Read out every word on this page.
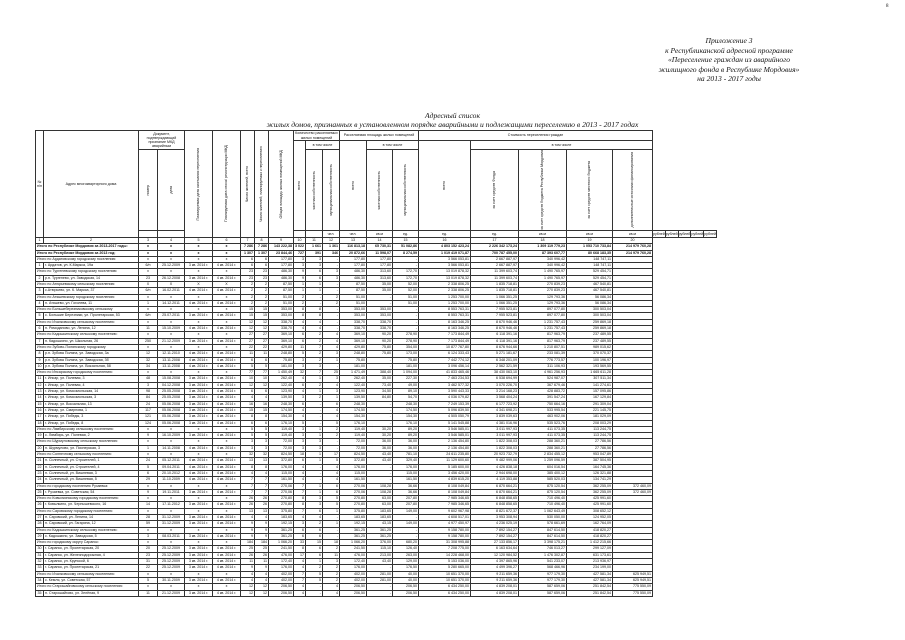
8
Приложение 3
к Республиканской адресной программе
«Переселение граждан из аварийного
жилищного фонда в Республике Мордовия»
на 2013 - 2017 годы
Адресный список
жилых домов, признанных в установленном порядке аварийными и подлежащими переселению в 2013 - 2017 годах
№ п/п	Адрес многоквартирного дома	Документ, подтверждающий признание МКД аварийным		Планируемая дата окончания переселения	Планируемая дата сноса/ реконструкции МКД	Число жителей, всего	Число жителей, планируемых к переселению	Общая площадь жилых помещений МКД	Количество расселяемых жилых помещений			Расселяемая площадь жилых помещений			Стоимость переселения граждан									

									всего	в том числе		всего	в том числе		всего	в том числе								

		номер	дата							частная собственность	муниципальная собственность		частная собственность	муниципальная собственность		за счет средств Фонда	за счет средств бюджета Республики Мордовия	за счет средств местного бюджета	дополнительные источники финансирования					

											чел.	чел.	кв.м	ед.	ед.	ед.	кв.м	кв.м	кв.м	рублей	рублей	рублей	рублей	рублей
1	2	3	4	5	6	7	8	9	10	11	12	13	14	15	16	17	18	19	20					
Итого по Республике Мордовия за 2013-2017 годы:		x	x	x	x	7 286	7 286	143 222,38	3 022	1 661	1 361	116 813,18	65 730,31	51 082,86	4 803 152 423,24	2 226 342 173,24	1 309 119 779,23	1 053 710 733,84	214 979 760,28					
Итого по Республике Мордовия за 2013 год:		x	x	x	x	1 307	1 307	23 844,46	727	391	346	20 872,66	11 598,07	8 274,59	1 019 419 071,87	700 787 455,00	87 393 607,77	80 668 183,35	214 979 760,28					
Итого по Ардатовскому городскому поселению:		x	x	x	x	6	6	177,80	3	3	-	177,80	177,80	-	3 566 053,81	2 667 887,97	340 996,42	148 747,11						
1	г. Ардатов, ул. К.Маркса, 19а	6/н	25.12.2009	3 кв. 2014 г.	4 кв. 2014 г.	6	6	177,80	3	3	-	177,80	177,80	-	3 566 053,81	2 667 887,97	340 996,42	148 747,11						
Итого по Тургеневскому городскому поселению:		x	x	x	x	23	23	486,30	9	6	3	486,30	313,60	172,70	13 019 878,32	11 399 603,74	1 490 765,97	529 454,71						
2	р.п. Тургенево, ул. Заводская, 14	23	26.12.2008	3 кв. 2014 г.	4 кв. 2014 г.	23	23	486,30	9	6	3	486,30	313,60	172,70	13 019 878,32	11 399 603,74	1 490 765,97	529 454,71						
Итого по Атюрьевскому сельскому поселению:		X	X	X	X	2	2	87,50	1	1	-	87,50	35,00	52,00	2 338 806,25	1 835 718,81	270 839,23	467 540,81						
3	с.Атюрьево, ул. К. Маркса, 37	6/н	16.02.2011	4 кв. 2014 г.	4 кв. 2014 г.	2	2	87,50	1	1	-	87,50	35,00	52,00	2 338 806,25	1 835 718,81	270 839,23	467 540,81						
Итого по Атяшевскому городскому поселению:		x	x	x	x	2	2	51,00	2	-	2	51,00	-	51,00	1 253 700,00	1 066 351,25	129 793,36	56 086,34						
4	п. Атяшево, ул. Гоголева, 11	1	14.12.2011	4 кв. 2014 г.	4 кв. 2014 г.	2	2	51,00	2	-	2	51,00	-	51,00	1 253 700,00	1 066 351,25	129 793,36	56 086,34						
Итого по Большеберезниковскому сельскому		x	x	x	x	15	15	353,00	8	8	-	353,00	353,00	-	8 553 763,31	7 955 523,81	897 077,80	300 503,04						
5	с. Большие Березники, ул. Пролетарская, 53	6/н	25.07.2011	3 кв. 2014 г.	4 кв. 2014 г.	15	15	353,00	8	8	-	353,00	353,00	-	8 553 763,31	7 955 523,81	897 077,80	300 503,04						
Итого по Ичалковскому сельскому поселению:		x	x	x	x	12	12	338,70	4	4	-	338,70	338,70	-	8 163 346,25	8 670 946,46	1 231 757,43	259 869,18						
6	п. Ромоданово, ул. Ленина, 12	11	15.10.2009	4 кв. 2014 г.	4 кв. 2014 г.	12	12	338,70	4	4	-	338,70	338,70	-	8 163 346,25	8 670 946,46	1 231 757,43	259 869,18						
Итого по Кадошкинскому сельскому поселению:		x	x	x	x	27	27	369,10	6	2	4	369,10	90,20	278,90	7 173 844,49	6 118 391,16	817 963,79	237 489,55						
7	п. Кадошкино, ул. Школьная, 26	250	21.12.2009	3 кв. 2014 г.	4 кв. 2014 г.	27	27	369,10	6	2	4	369,10	90,20	278,90	7 173 844,49	6 118 391,16	817 963,79	237 489,55						
Итого по Зубово-Полянскому городскому		x	x	x	x	22	22	429,80	11	7	4	429,80	75,80	354,00	10 877 767,80	8 676 944,66	1 210 807,51	989 015,62						
8	р.п. Зубова Поляна, ул. Заводская, 3а	12	12.11.2010	4 кв. 2014 г.	4 кв. 2014 г.	11	11	248,80	5	2	3	248,80	75,80	173,00	6 124 333,43	5 271 181,67	233 081,39	370 070,37						
9	р.п. Зубова Поляна, ул. Заводская, 3б	32	13.11.2008	4 кв. 2014 г.	4 кв. 2014 г.	6	6	75,80	3	2	1	75,80	-	75,80	7 442 774,12	6 348 201,09	776 773,57	100 196,97						
10	р.п. Зубова Поляна, ул. Вокзальная, 58	34	13.11.2008	4 кв. 2014 г.	4 кв. 2014 г.	5	5	181,00	3	3	-	181,00	-	181,00	3 096 456,14	2 562 321,59	311 106,93	193 569,55						
Итого по Инсарскому городскому поселению:		x	x	x	x	77	77	1 450,49	32	7	25	1 471,49	388,40	1 094,00	41 833 465,46	38 430 063,10	4 961 256,93	1 665 611,28						
11	г. Инсар, ул. Полевая, 3	48	15.08.2008	3 кв. 2014 г.	4 кв. 2014 г.	10	10	262,40	4	1	3	262,40	35,00	227,30	7 463 234,53	6 538 694,99	524 987,07	307 511,34						
12	г. Инсар, ул. Полевая, 4	3	04.12.2008	3 кв. 2014 г.	4 кв. 2014 г.	12	12	122,40	6	2	4	122,40	73,40	49,00	3 462 577,32	3 070 226,70	367 679,46	141 274,61						
13	г. Инсар, ул. Комсомольская, 14	98	25.05.2008	3 кв. 2014 г.	4 кв. 2014 г.	6	6	123,90	4	1	3	123,90	34,50	89,10	3 590 443,33	3 214 168,23	428 883,72	157 095,86						
14	г. Инсар, ул. Комсомольская, 3	84	25.05.2008	3 кв. 2014 г.	4 кв. 2014 г.	4	4	139,50	3	2	1	139,50	84,80	54,70	4 036 079,82	3 568 404,24	391 547,24	167 129,84						
15	г. Инсар, ул. Вокзальная, 13	24	05.06.2008	3 кв. 2014 г.	4 кв. 2014 г.	16	16	248,30	6	-	6	248,30	-	248,30	7 249 153,39	6 177 723,92	750 664,16	291 309,04						
16	г. Инсар, ул. Смирнова, 1	117	05.06.2008	3 кв. 2014 г.	4 кв. 2014 г.	15	15	174,50	4	-	4	174,50	-	174,50	5 096 839,50	4 341 698,21	533 995,54	221 145,75						
17	г. Инсар, ул. Победы, 3	121	05.06.2008	3 кв. 2014 г.	4 кв. 2014 г.	8	8	154,30	4	-	4	154,30	-	154,30	4 505 050,79	3 839 039,63	463 902,06	181 029,09						
18	г. Инсар, ул. Победы, 8	124	05.06.2008	3 кв. 2014 г.	4 кв. 2014 г.	6	6	176,10	5	-	5	176,10	-	176,10	5 141 545,88	4 381 016,96	535 523,76	208 003,29						
Итого по Лямбирскому сельскому поселению:		x	x	x	x	5	5	119,40	3	1	2	119,40	30,20	89,20	3 546 585,01	3 011 997,93	411 073,35	113 244,75						
19	с. Лямбирь, ул. Полевая, 2	9	16.10.2009	3 кв. 2014 г.	4 кв. 2014 г.	5	5	119,40	3	1	2	119,40	30,20	89,20	3 546 585,01	3 011 997,93	411 073,35	113 244,75						
Итого по Шурмуловскому сельскому поселению:		x	x	x	x	3	3	72,00	3	3	-	72,00	36,00	36,00	2 136 454,80	1 822 308,03	288 360,21	27 786,56						
20	п. Шурмулово, ул. Пионерская, 3	1	14.11.2008	4 кв. 2014 г.	4 кв. 2014 г.	3	3	72,00	3	3	-	72,00	36,00	36,00	2 136 454,80	1 822 308,03	288 360,21	27 786,56						
Итого по Солнечному сельскому поселению:		x	x	x	x	32	32	824,50	18	1	17	824,50	43,40	781,10	24 611 235,80	20 923 732,79	2 834 455,12	953 047,89						
21	п. Солнечный, ул. Строителей, 1	24	05.12.2011	4 кв. 2014 г.	4 кв. 2014 г.	13	13	372,80	6	1	5	372,80	43,40	329,40	11 129 600,60	9 482 999,06	1 259 096,59	387 504,95						
22	п. Солнечный, ул. Строителей, 4	5	09.04.2011	4 кв. 2014 г.	4 кв. 2014 г.	8	8	176,00	4	-	4	176,00	-	176,00	5 185 600,00	4 426 838,18	604 016,54	164 745,36						
23	п. Солнечный, ул. Вишневая, 3	6	20.10.2012	4 кв. 2014 г.	4 кв. 2014 г.	4	4	115,00	4	-	4	115,00	-	115,00	3 456 420,00	2 944 698,00	385 400,12	126 321,88						
24	п. Солнечный, ул. Вишневая, 5	29	11.10.2009	4 кв. 2014 г.	4 кв. 2014 г.	7	7	161,50	4	-	4	161,50	-	161,50	4 839 615,20	4 119 353,88	585 520,03	134 741,29						
Итого по городскому поселению Рузаевка:		x	x	x	x	7	7	270,06	7	1	6	270,06	108,28	36,66	8 108 049,84	6 870 664,21	875 120,54	362 255,09	372 460,09					
25	г. Рузаевка, ул. Советская, 54	9	19.11.2011	3 кв. 2014 г.	4 кв. 2014 г.	7	7	270,06	7	1	6	270,06	108,28	36,66	8 108 049,84	6 870 664,21	875 120,54	362 255,09	372 460,09					
Итого по Ковылкинскому городскому поселению:		x	x	x	x	26	26	270,80	8	3	5	270,80	63,00	207,80	7 985 346,65	6 848 858,65	710 496,40	425 991,60						
26	г. Ковылкино, ул. Чернышевского, 16	14	17.11.2012	3 кв. 2014 г.	4 кв. 2014 г.	26	26	270,80	8	3	5	270,80	63,00	207,80	7 985 346,65	6 848 858,65	710 496,40	425 991,60						
Итого по Саровскому городскому поселению:		x	x	x	x	13	13	375,80	7	6	1	375,80	183,65	149,00	9 602 967,98	8 821 672,37	1 062 643,49	308 652,12						
27	п. Саровский, ул. Ленина, 14	28	31.12.2009	3 кв. 2014 г.	4 кв. 2014 г.	4	4	183,65	4	4	-	183,65	183,65	-	4 608 517,01	3 953 308,94	530 050,00	124 952,05						
28	п. Саровский, ул. Гагарина, 12	59	31.12.2009	3 кв. 2014 г.	4 кв. 2014 г.	9	9	192,15	3	2	1	192,15	43,15	149,00	4 977 450,97	4 236 025,19	578 661,69	162 764,09						
Итого по Кадошкинскому сельскому поселению:		x	x	x	x	9	9	361,25	6	6	-	361,25	361,25	-	9 158 780,00	7 892 154,27	847 614,50	418 820,27						
29	с. Кадошкино, ул. Заводская, 5	3	08.03.2011	3 кв. 2014 г.	4 кв. 2014 г.	9	9	361,25	6	6	-	361,25	361,25	-	9 158 780,00	7 892 154,27	847 614,50	418 820,27						
Итого по городскому округу Саранск:		x	x	x	x	184	184	1 066,20	33	15	18	1 066,20	376,00	680,20	31 308 995,88	27 133 856,17	3 398 175,21	1 412 215,66						
30	г. Саранск, ул. Пролетарская, 20	20	25.12.2009	3 кв. 2014 г.	4 кв. 2014 г.	25	25	241,50	8	6	2	241,50	115,10	126,40	7 208 775,00	6 163 634,64	746 013,27	299 127,09						
31	г. Саранск, ул. Железнодорожная, 4	23	25.12.2009	3 кв. 2014 г.	4 кв. 2014 г.	26	26	476,00	17	6	11	476,00	213,00	263,00	14 228 468,00	12 120 984,52	1 476 302,87	631 173,61						
32	г. Саранск, ул. Крупской, 6	31	25.12.2009	3 кв. 2014 г.	4 кв. 2014 г.	11	11	172,40	4	1	3	172,40	43,40	129,00	5 153 036,00	4 397 865,96	541 233,07	213 936,97						
33	г. Саранск, ул. Пролетарская, 21	22	25.12.2009	3 кв. 2014 г.	4 кв. 2014 г.	9	9	176,00	4	2	2	176,00	-	176,50	5 280 665,00	4 499 396,27	568 466,96	234 199,00						
Итого по Ичалковскому сельскому поселению:		x	x	x	x	4	4	402,00	7	5	2	402,00	281,00	40,00	10 651 370,00	9 211 659,36	977 179,30	427 581,34	625 949,51					
34	с. Кемля, ул. Советская, 57	5	30.11.2009	3 кв. 2014 г.	4 кв. 2014 г.	4	4	402,00	7	5	2	402,00	281,00	40,00	10 651 370,00	9 211 659,36	977 179,30	427 581,34	625 949,51					
Итого по Старошайговскому сельскому поселению:		x	x	x	x	12	12	206,50	4	-	4	206,50	-	206,50	6 434 250,00	4 839 208,01	587 659,06	251 842,54	775 550,09					
35	п. Старошайгово, ул. Зелёная, 9	11	21.12.2009	3 кв. 2014 г.	4 кв. 2014 г.	12	12	206,50	4	-	4	206,50	-	206,50	6 434 250,00	4 839 208,01	587 659,06	251 842,54	775 550,09					
